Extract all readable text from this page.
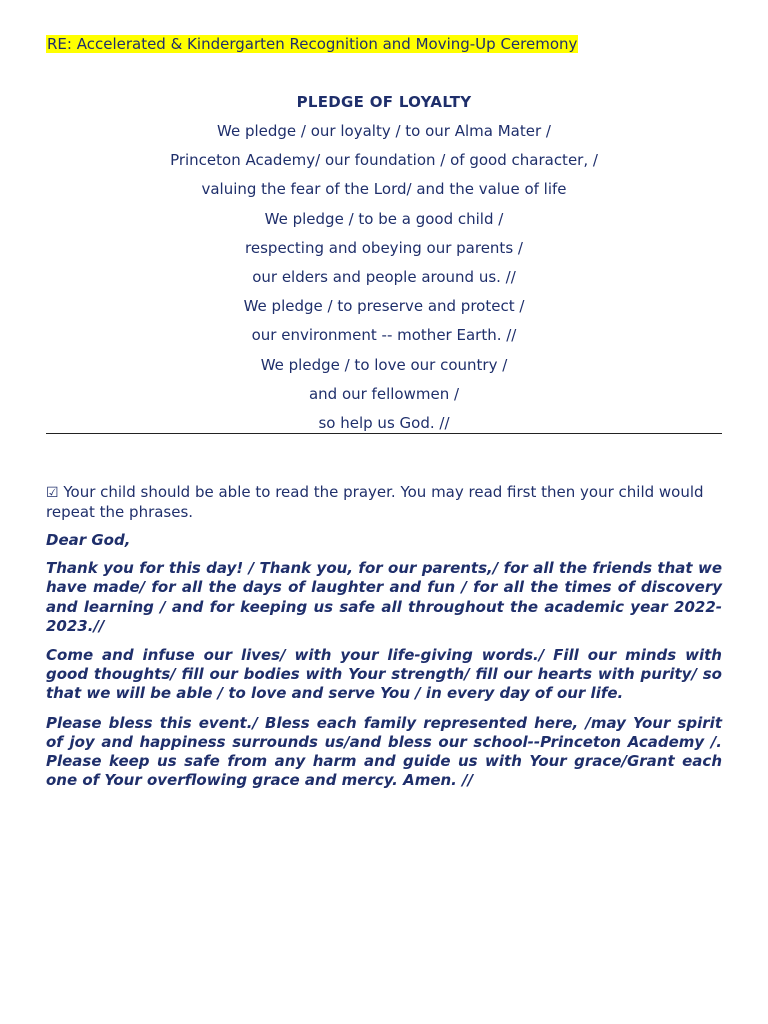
RE: Accelerated & Kindergarten Recognition and Moving-Up Ceremony
PLEDGE OF LOYALTY
We pledge / our loyalty / to our Alma Mater /
Princeton Academy/ our foundation / of good character, /
valuing the fear of the Lord/ and the value of life
We pledge / to be a good child /
respecting and obeying our parents /
our elders and people around us. //
We pledge / to preserve and protect /
our environment -- mother Earth. //
We pledge / to love our country /
and our fellowmen /
so help us God. //
☑ Your child should be able to read the prayer. You may read first then your child would repeat the phrases.

Dear God,

Thank you for this day! / Thank you, for our parents,/ for all the friends that we have made/ for all the days of laughter and fun / for all the times of discovery and learning / and for keeping us safe all throughout the academic year 2022-2023.//

Come and infuse our lives/ with your life-giving words./ Fill our minds with good thoughts/ fill our bodies with Your strength/ fill our hearts with purity/ so that we will be able / to love and serve You / in every day of our life.

Please bless this event./ Bless each family represented here, /may Your spirit of joy and happiness surrounds us/and bless our school--Princeton Academy /. Please keep us safe from any harm and guide us with Your grace/Grant each one of Your overflowing grace and mercy. Amen. //
